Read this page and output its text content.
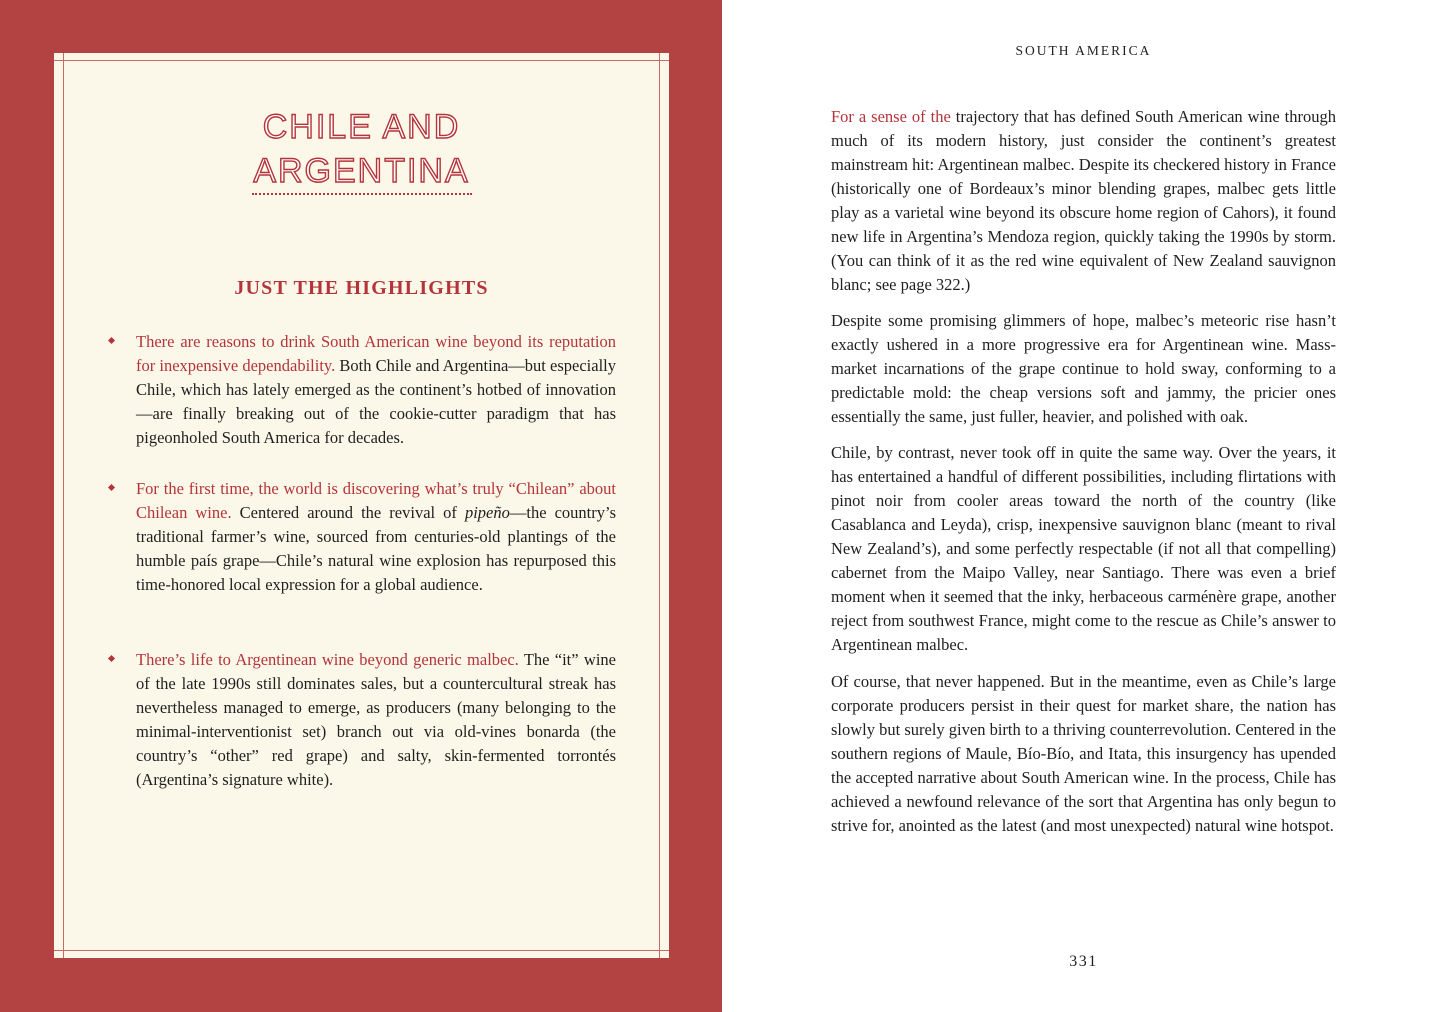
CHILE AND
ARGENTINA
JUST THE HIGHLIGHTS
There are reasons to drink South American wine beyond its reputation for inexpensive dependability. Both Chile and Argentina—but especially Chile, which has lately emerged as the continent’s hotbed of innovation—are finally breaking out of the cookie-cutter paradigm that has pigeonholed South America for decades.
For the first time, the world is discovering what’s truly “Chilean” about Chilean wine. Centered around the revival of pipeño—the country’s traditional farmer’s wine, sourced from centuries-old plantings of the humble país grape—Chile’s natural wine explosion has repurposed this time-honored local expression for a global audience.
There’s life to Argentinean wine beyond generic malbec. The “it” wine of the late 1990s still dominates sales, but a countercultural streak has nevertheless managed to emerge, as producers (many belonging to the minimal-interventionist set) branch out via old-vines bonarda (the country’s “other” red grape) and salty, skin-fermented torrontés (Argentina’s signature white).
SOUTH AMERICA

For a sense of the trajectory that has defined South American wine through much of its modern history, just consider the continent’s greatest mainstream hit: Argentinean malbec. Despite its checkered history in France (historically one of Bordeaux’s minor blending grapes, malbec gets little play as a varietal wine beyond its obscure home region of Cahors), it found new life in Argentina’s Mendoza region, quickly taking the 1990s by storm. (You can think of it as the red wine equivalent of New Zealand sauvignon blanc; see page 322.)

Despite some promising glimmers of hope, malbec’s meteoric rise hasn’t exactly ushered in a more progressive era for Argentinean wine. Mass-market incarnations of the grape continue to hold sway, conforming to a predictable mold: the cheap versions soft and jammy, the pricier ones essentially the same, just fuller, heavier, and polished with oak.

Chile, by contrast, never took off in quite the same way. Over the years, it has entertained a handful of different possibilities, including flirtations with pinot noir from cooler areas toward the north of the country (like Casablanca and Leyda), crisp, inexpensive sauvignon blanc (meant to rival New Zealand’s), and some perfectly respectable (if not all that compelling) cabernet from the Maipo Valley, near Santiago. There was even a brief moment when it seemed that the inky, herbaceous carménère grape, another reject from southwest France, might come to the rescue as Chile’s answer to Argentinean malbec.

Of course, that never happened. But in the meantime, even as Chile’s large corporate producers persist in their quest for market share, the nation has slowly but surely given birth to a thriving counterrevolution. Centered in the southern regions of Maule, Bío-Bío, and Itata, this insurgency has upended the accepted narrative about South American wine. In the process, Chile has achieved a newfound relevance of the sort that Argentina has only begun to strive for, anointed as the latest (and most unexpected) natural wine hotspot.

331
